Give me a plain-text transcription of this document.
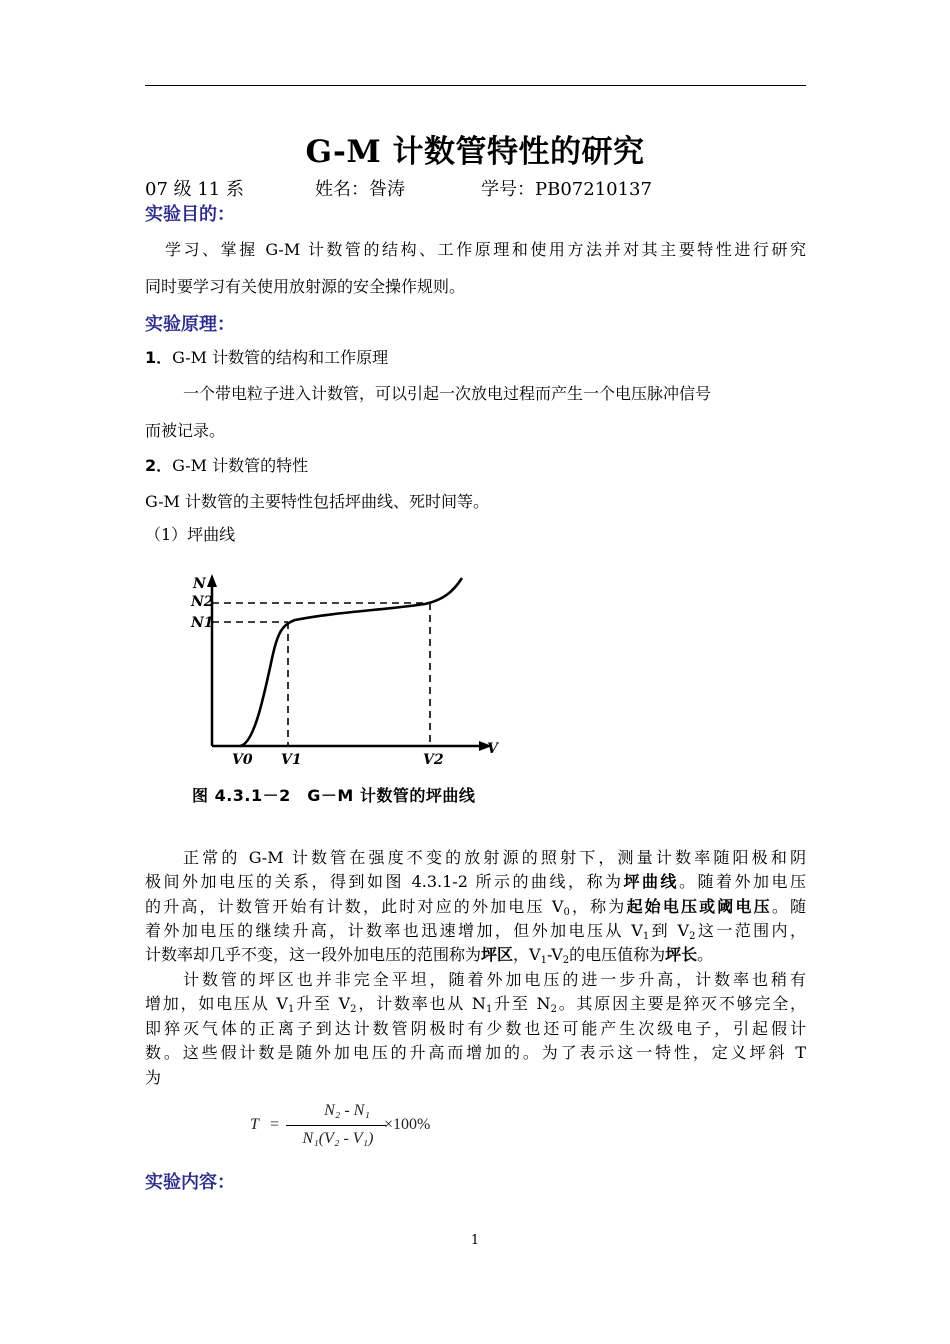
G-M 计数管特性的研究
07 级 11 系	姓名：昝涛	学号：PB07210137
实验目的：
学习、掌握 G-M 计数管的结构、工作原理和使用方法并对其主要特性进行研究
同时要学习有关使用放射源的安全操作规则。
实验原理：
1．G-M 计数管的结构和工作原理
一个带电粒子进入计数管，可以引起一次放电过程而产生一个电压脉冲信号
而被记录。
2．G-M 计数管的特性
G-M 计数管的主要特性包括坪曲线、死时间等。
（1）坪曲线
N
N2
N1
V
V0 V1	V2
图 4.3.1－2　G－M 计数管的坪曲线
正常的 G-M 计数管在强度不变的放射源的照射下，测量计数率随阳极和阴
极间外加电压的关系，得到如图 4.3.1-2 所示的曲线，称为坪曲线。随着外加电压
的升高，计数管开始有计数，此时对应的外加电压 $V_0$，称为起始电压或阈电压。随
着外加电压的继续升高，计数率也迅速增加，但外加电压从 $V_1$到 $V_2$这一范围内，
计数率却几乎不变，这一段外加电压的范围称为坪区，$V_1-V_2$的电压值称为坪长。
计数管的坪区也并非完全平坦，随着外加电压的进一步升高，计数率也稍有
增加，如电压从 $V_1$升至 $V_2$，计数率也从 $N_1$升至 $N_2$。其原因主要是猝灭不够完全，
即猝灭气体的正离子到达计数管阴极时有少数也还可能产生次级电子，引起假计
数。这些假计数是随外加电压的升高而增加的。为了表示这一特性，定义坪斜 T
为
T =
N₂ - N₁
N₁(V₂ - V₁)
×100%
实验内容：
1
